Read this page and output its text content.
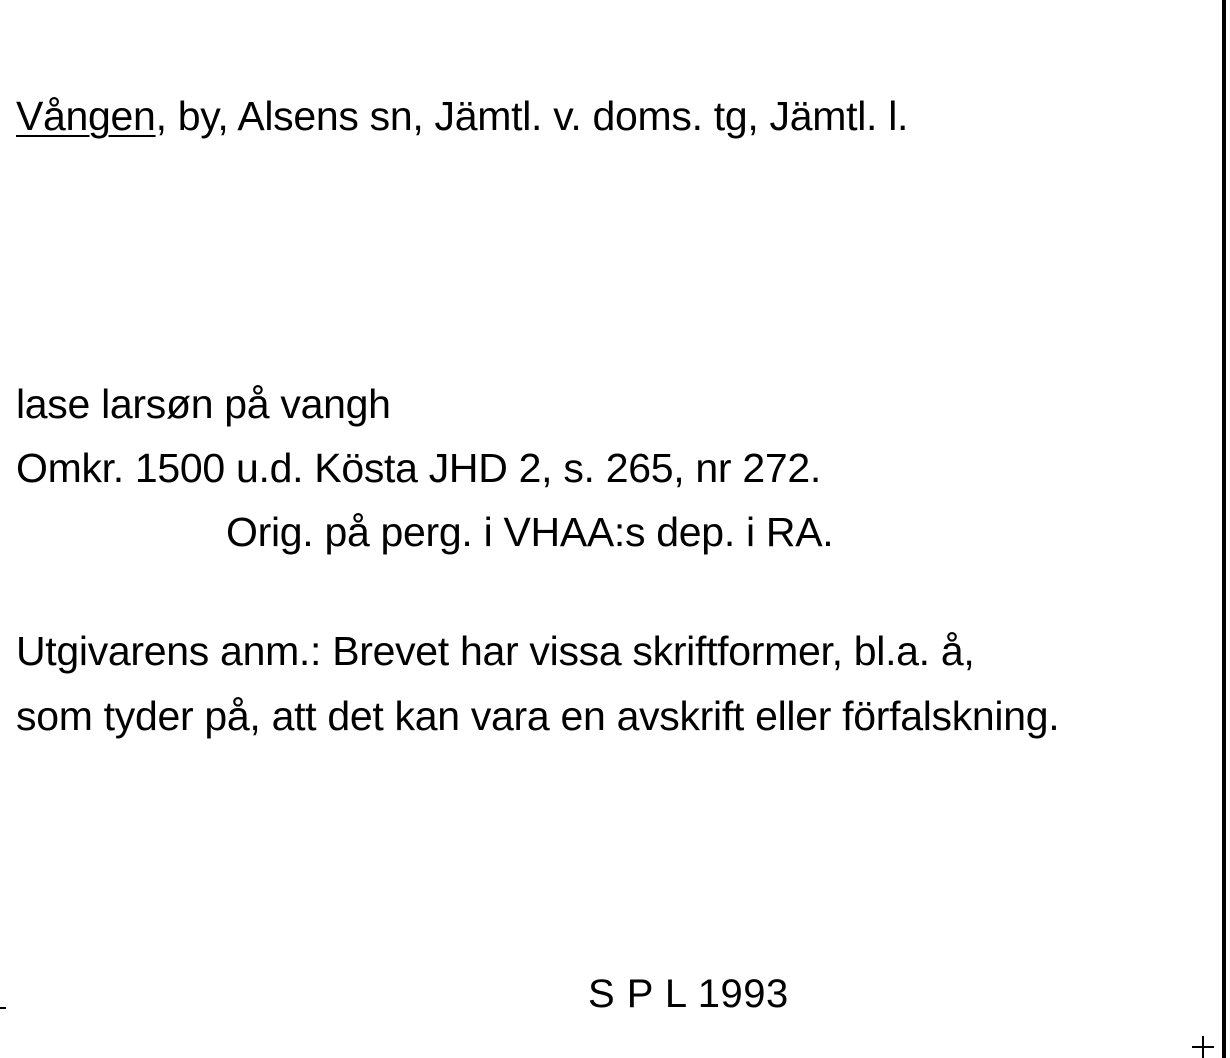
Vången, by, Alsens sn, Jämtl. v. doms. tg, Jämtl. l.
lase larsøn på vangh
Omkr. 1500 u.d. Kösta JHD 2, s. 265, nr 272.
Orig. på perg. i VHAA:s dep. i RA.
Utgivarens anm.: Brevet har vissa skriftformer, bl.a. å,
som tyder på, att det kan vara en avskrift eller förfalskning.
S P L 1993
